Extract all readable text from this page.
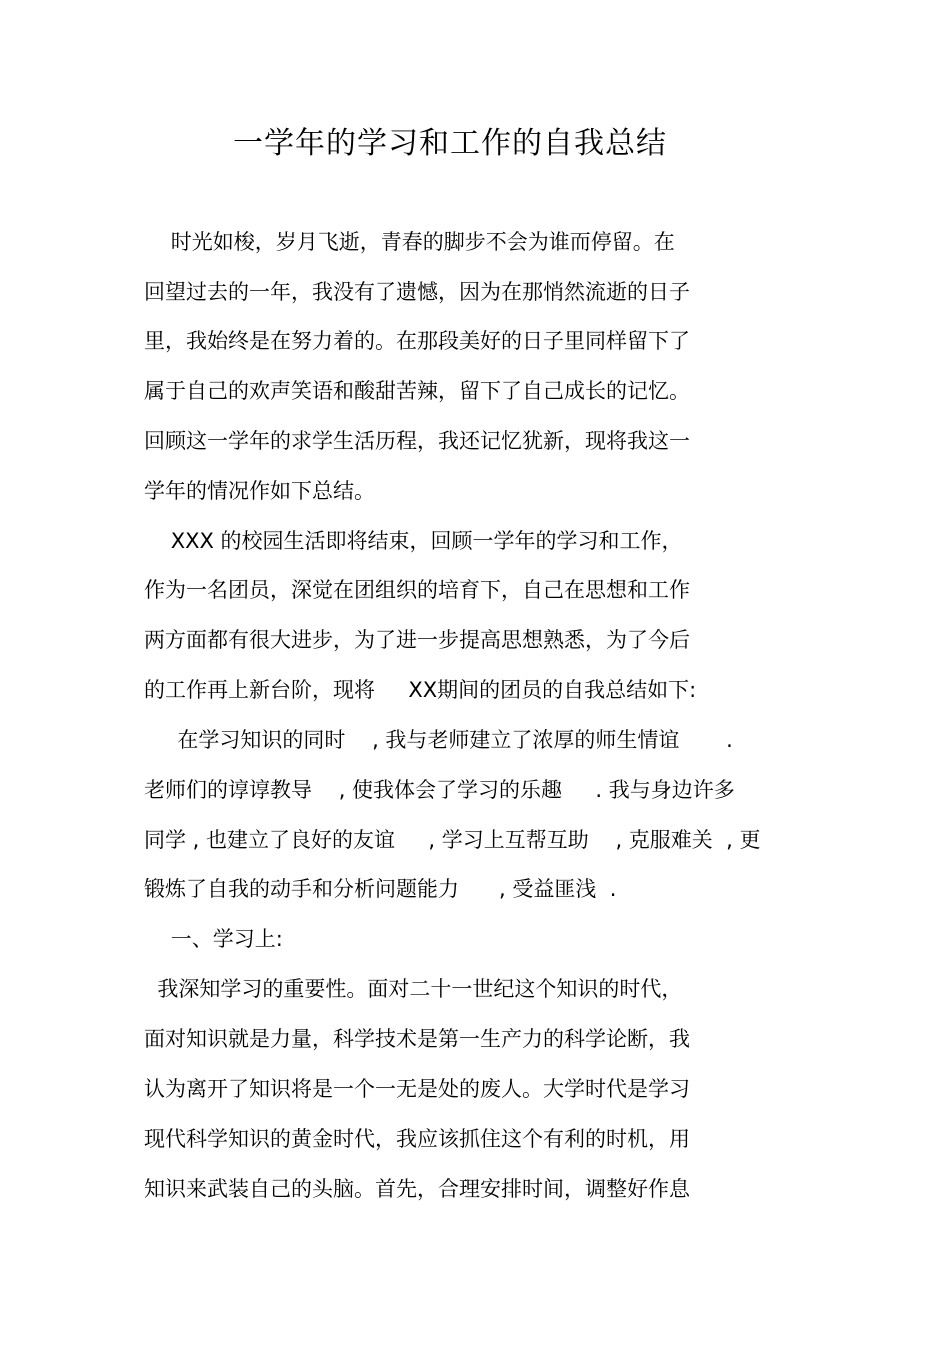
一学年的学习和工作的自我总结
时光如梭，岁月飞逝，青春的脚步不会为谁而停留。在
回望过去的一年，我没有了遗憾，因为在那悄然流逝的日子
里，我始终是在努力着的。在那段美好的日子里同样留下了
属于自己的欢声笑语和酸甜苦辣，留下了自己成长的记忆。
回顾这一学年的求学生活历程，我还记忆犹新，现将我这一
学年的情况作如下总结。
XXX 的校园生活即将结束，回顾一学年的学习和工作，
作为一名团员，深觉在团组织的培育下，自己在思想和工作
两方面都有很大进步，为了进一步提高思想熟悉，为了今后
的工作再上新台阶，现将     XX期间的团员的自我总结如下:
在学习知识的同时    , 我与老师建立了浓厚的师生情谊       .
老师们的谆谆教导    , 使我体会了学习的乐趣     . 我与身边许多
同学 , 也建立了良好的友谊     , 学习上互帮互助    , 克服难关  , 更
锻炼了自我的动手和分析问题能力      , 受益匪浅  .
一、学习上:
我深知学习的重要性。面对二十一世纪这个知识的时代，
面对知识就是力量，科学技术是第一生产力的科学论断，我
认为离开了知识将是一个一无是处的废人。大学时代是学习
现代科学知识的黄金时代，我应该抓住这个有利的时机，用
知识来武装自己的头脑。首先，合理安排时间，调整好作息
